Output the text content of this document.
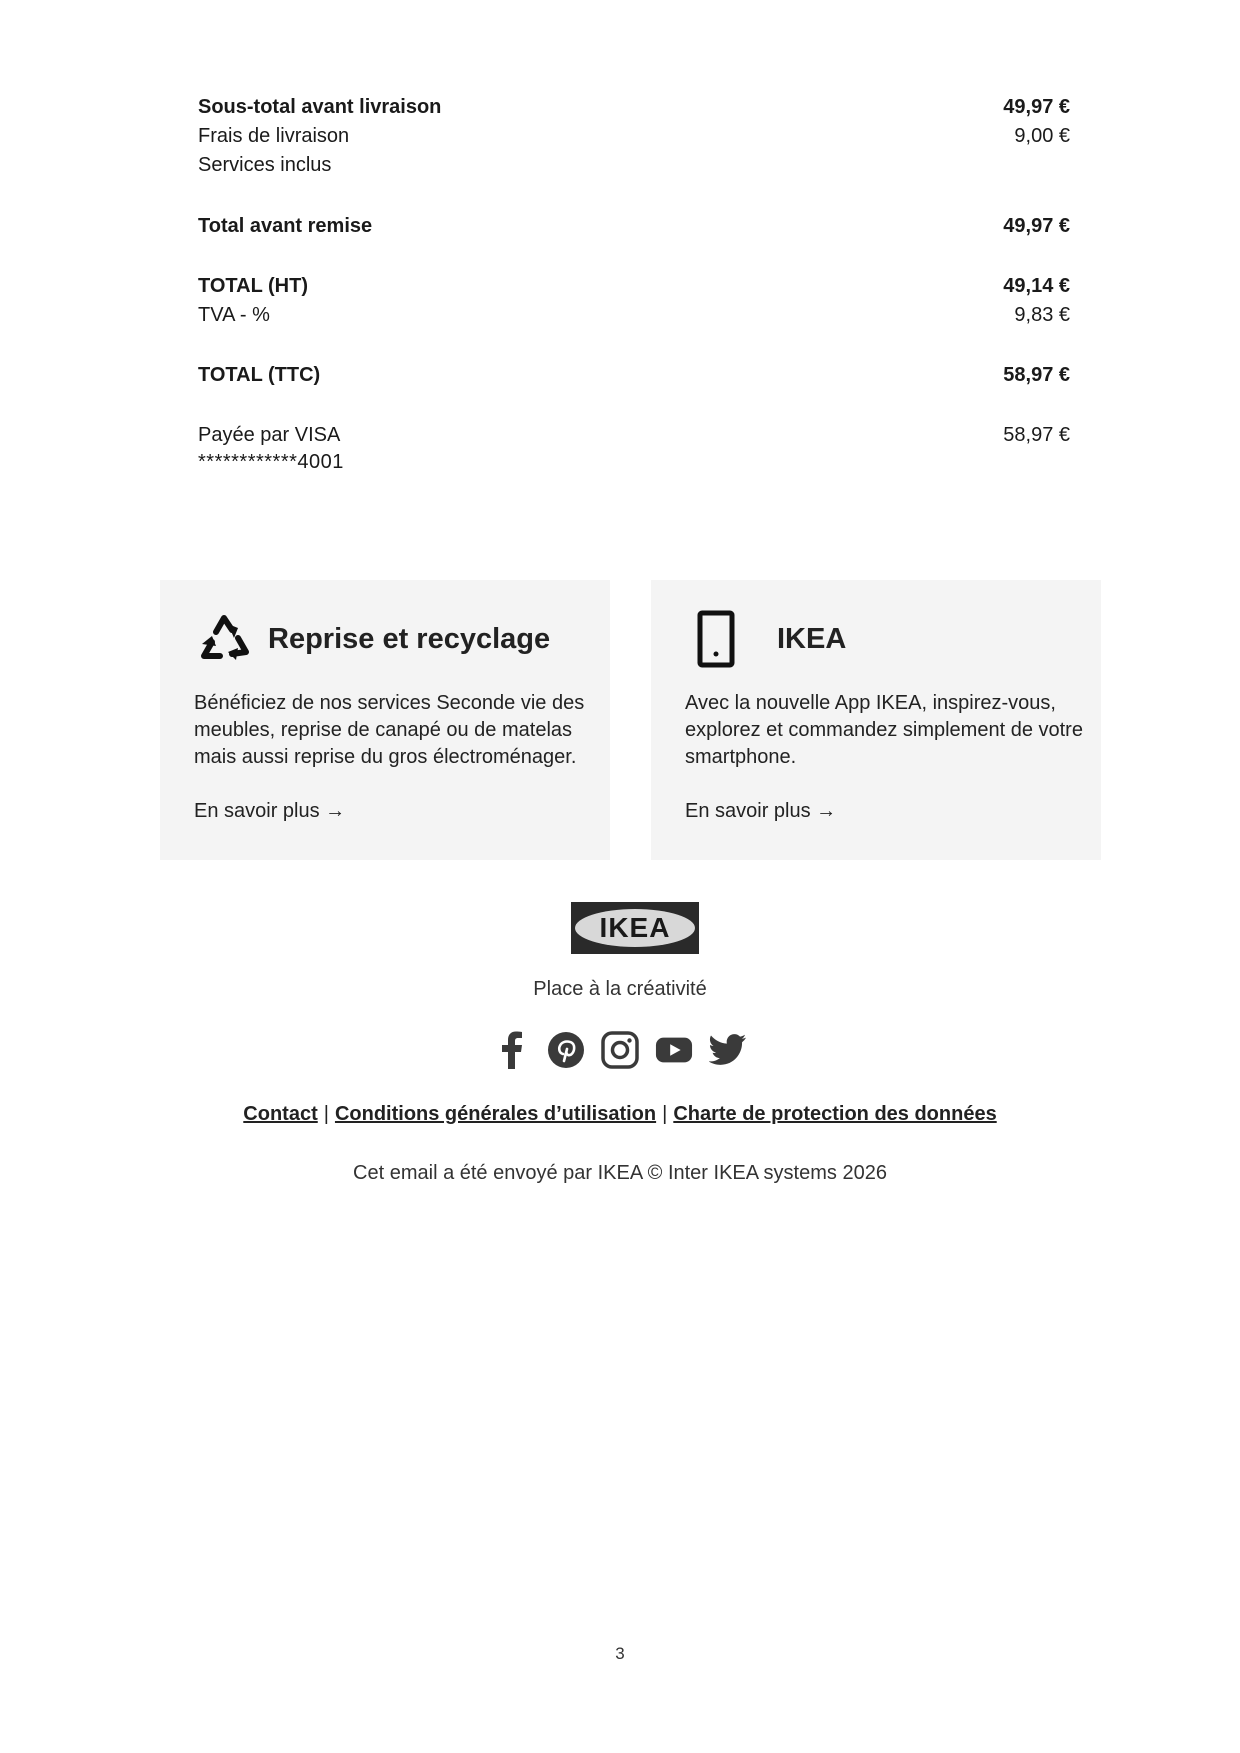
Sous-total avant livraison	49,97 €
Frais de livraison	9,00 €
Services inclus
Total avant remise	49,97 €
TOTAL (HT)	49,14 €
TVA - %	9,83 €
TOTAL (TTC)	58,97 €
Payée par VISA	58,97 €
************4001
Reprise et recyclage
Bénéficiez de nos services Seconde vie des meubles, reprise de canapé ou de matelas mais aussi reprise du gros électroménager.
En savoir plus →
IKEA
Avec la nouvelle App IKEA, inspirez-vous, explorez et commandez simplement de votre smartphone.
En savoir plus →
IKEA
Place à la créativité
Contact | Conditions générales d’utilisation | Charte de protection des données
Cet email a été envoyé par IKEA © Inter IKEA systems 2026
3
